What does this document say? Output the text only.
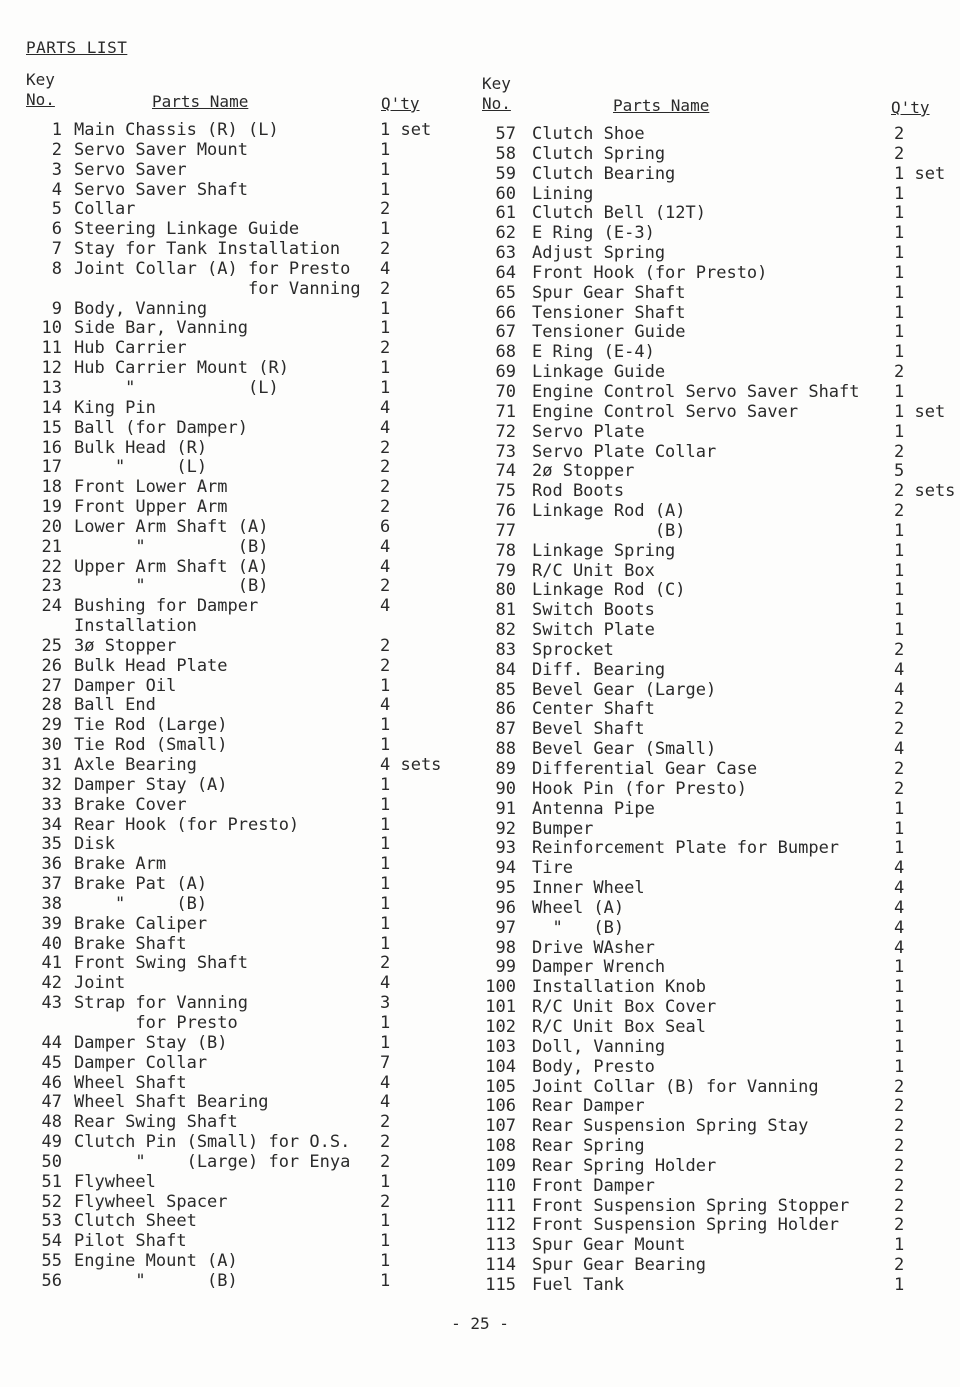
PARTS LIST
Key
No.	Parts Name	Q'ty
Key
No.	Parts Name	Q'ty
1 Main Chassis (R) (L)	1 set
2 Servo Saver Mount	1
3 Servo Saver	1
4 Servo Saver Shaft	1
5 Collar	2
6 Steering Linkage Guide	1
7 Stay for Tank Installation 2
8 Joint Collar (A) for Presto 4
for Vanning 2
9 Body, Vanning	1
10 Side Bar, Vanning	1
11 Hub Carrier	2
12 Hub Carrier Mount (R)	1
13 "           (L)	1
14 King Pin	4
15 Ball (for Damper)	4
16 Bulk Head (R)	2
17 "     (L)	2
18 Front Lower Arm	2
19 Front Upper Arm	2
20 Lower Arm Shaft (A)	6
21 "         (B)	4
22 Upper Arm Shaft (A)	4
23 "         (B)	2
24 Bushing for Damper	4
Installation
25 3ø Stopper	2
26 Bulk Head Plate	2
27 Damper Oil	1
28 Ball End	4
29 Tie Rod (Large)	1
30 Tie Rod (Small)	1
31 Axle Bearing	4 sets
32 Damper Stay (A)	1
33 Brake Cover	1
34 Rear Hook (for Presto)	1
35 Disk	1
36 Brake Arm	1
37 Brake Pat (A)	1
38 "     (B)	1
39 Brake Caliper	1
40 Brake Shaft	1
41 Front Swing Shaft	2
42 Joint	4
43 Strap for Vanning	3
for Presto	1
44 Damper Stay (B)	1
45 Damper Collar	7
46 Wheel Shaft	4
47 Wheel Shaft Bearing	4
48 Rear Swing Shaft	2
49 Clutch Pin (Small) for O.S. 2
50 "    (Large) for Enya 2
51 Flywheel	1
52 Flywheel Spacer	2
53 Clutch Sheet	1
54 Pilot Shaft	1
55 Engine Mount (A)	1
56 "      (B)	1
57 Clutch Shoe	2
58 Clutch Spring	2
59 Clutch Bearing	1 set
60 Lining	1
61 Clutch Bell (12T)	1
62 E Ring (E-3)	1
63 Adjust Spring	1
64 Front Hook (for Presto)	1
65 Spur Gear Shaft	1
66 Tensioner Shaft	1
67 Tensioner Guide	1
68 E Ring (E-4)	1
69 Linkage Guide	2
70 Engine Control Servo Saver Shaft 1
71 Engine Control Servo Saver	1 set
72 Servo Plate	1
73 Servo Plate Collar	2
74 2ø Stopper	5
75 Rod Boots	2 sets
76 Linkage Rod (A)	2
77 (B)	1
78 Linkage Spring	1
79 R/C Unit Box	1
80 Linkage Rod (C)	1
81 Switch Boots	1
82 Switch Plate	1
83 Sprocket	2
84 Diff. Bearing	4
85 Bevel Gear (Large)	4
86 Center Shaft	2
87 Bevel Shaft	2
88 Bevel Gear (Small)	4
89 Differential Gear Case	2
90 Hook Pin (for Presto)	2
91 Antenna Pipe	1
92 Bumper	1
93 Reinforcement Plate for Bumper	1
94 Tire	4
95 Inner Wheel	4
96 Wheel (A)	4
97 "   (B)	4
98 Drive WAsher	4
99 Damper Wrench	1
100 Installation Knob	1
101 R/C Unit Box Cover	1
102 R/C Unit Box Seal	1
103 Doll, Vanning	1
104 Body, Presto	1
105 Joint Collar (B) for Vanning	2
106 Rear Damper	2
107 Rear Suspension Spring Stay	2
108 Rear Spring	2
109 Rear Spring Holder	2
110 Front Damper	2
111 Front Suspension Spring Stopper	2
112 Front Suspension Spring Holder	2
113 Spur Gear Mount	1
114 Spur Gear Bearing	2
115 Fuel Tank	1
- 25 -
